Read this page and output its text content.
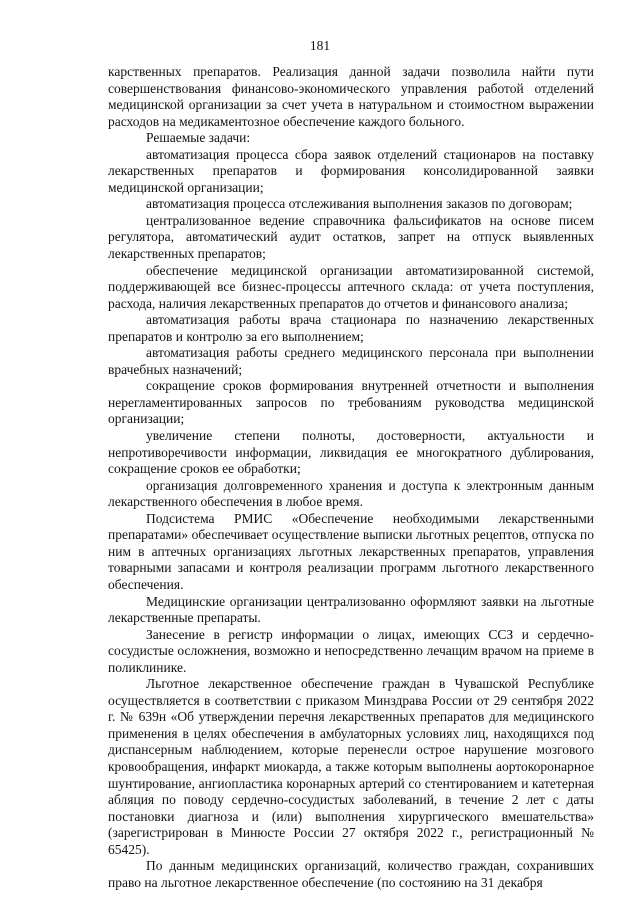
181

карственных препаратов. Реализация данной задачи позволила найти пути совершенствования финансово-экономического управления работой отделений медицинской организации за счет учета в натуральном и стоимостном выражении расходов на медикаментозное обеспечение каждого больного.

Решаемые задачи:

автоматизация процесса сбора заявок отделений стационаров на поставку лекарственных препаратов и формирования консолидированной заявки медицинской организации;

автоматизация процесса отслеживания выполнения заказов по договорам;

централизованное ведение справочника фальсификатов на основе писем регулятора, автоматический аудит остатков, запрет на отпуск выявленных лекарственных препаратов;

обеспечение медицинской организации автоматизированной системой, поддерживающей все бизнес-процессы аптечного склада: от учета поступления, расхода, наличия лекарственных препаратов до отчетов и финансового анализа;

автоматизация работы врача стационара по назначению лекарственных препаратов и контролю за его выполнением;

автоматизация работы среднего медицинского персонала при выполнении врачебных назначений;

сокращение сроков формирования внутренней отчетности и выполнения нерегламентированных запросов по требованиям руководства медицинской организации;

увеличение степени полноты, достоверности, актуальности и непротиворечивости информации, ликвидация ее многократного дублирования, сокращение сроков ее обработки;

организация долговременного хранения и доступа к электронным данным лекарственного обеспечения в любое время.

Подсистема РМИС «Обеспечение необходимыми лекарственными препаратами» обеспечивает осуществление выписки льготных рецептов, отпуска по ним в аптечных организациях льготных лекарственных препаратов, управления товарными запасами и контроля реализации программ льготного лекарственного обеспечения.

Медицинские организации централизованно оформляют заявки на льготные лекарственные препараты.

Занесение в регистр информации о лицах, имеющих ССЗ и сердечно-сосудистые осложнения, возможно и непосредственно лечащим врачом на приеме в поликлинике.

Льготное лекарственное обеспечение граждан в Чувашской Республике осуществляется в соответствии с приказом Минздрава России от 29 сентября 2022 г. № 639н «Об утверждении перечня лекарственных препаратов для медицинского применения в целях обеспечения в амбулаторных условиях лиц, находящихся под диспансерным наблюдением, которые перенесли острое нарушение мозгового кровообращения, инфаркт миокарда, а также которым выполнены аортокоронарное шунтирование, ангиопластика коронарных артерий со стентированием и катетерная абляция по поводу сердечно-сосудистых заболеваний, в течение 2 лет с даты постановки диагноза и (или) выполнения хирургического вмешательства» (зарегистрирован в Минюсте России 27 октября 2022 г., регистрационный № 65425).

По данным медицинских организаций, количество граждан, сохранивших право на льготное лекарственное обеспечение (по состоянию на 31 декабря
